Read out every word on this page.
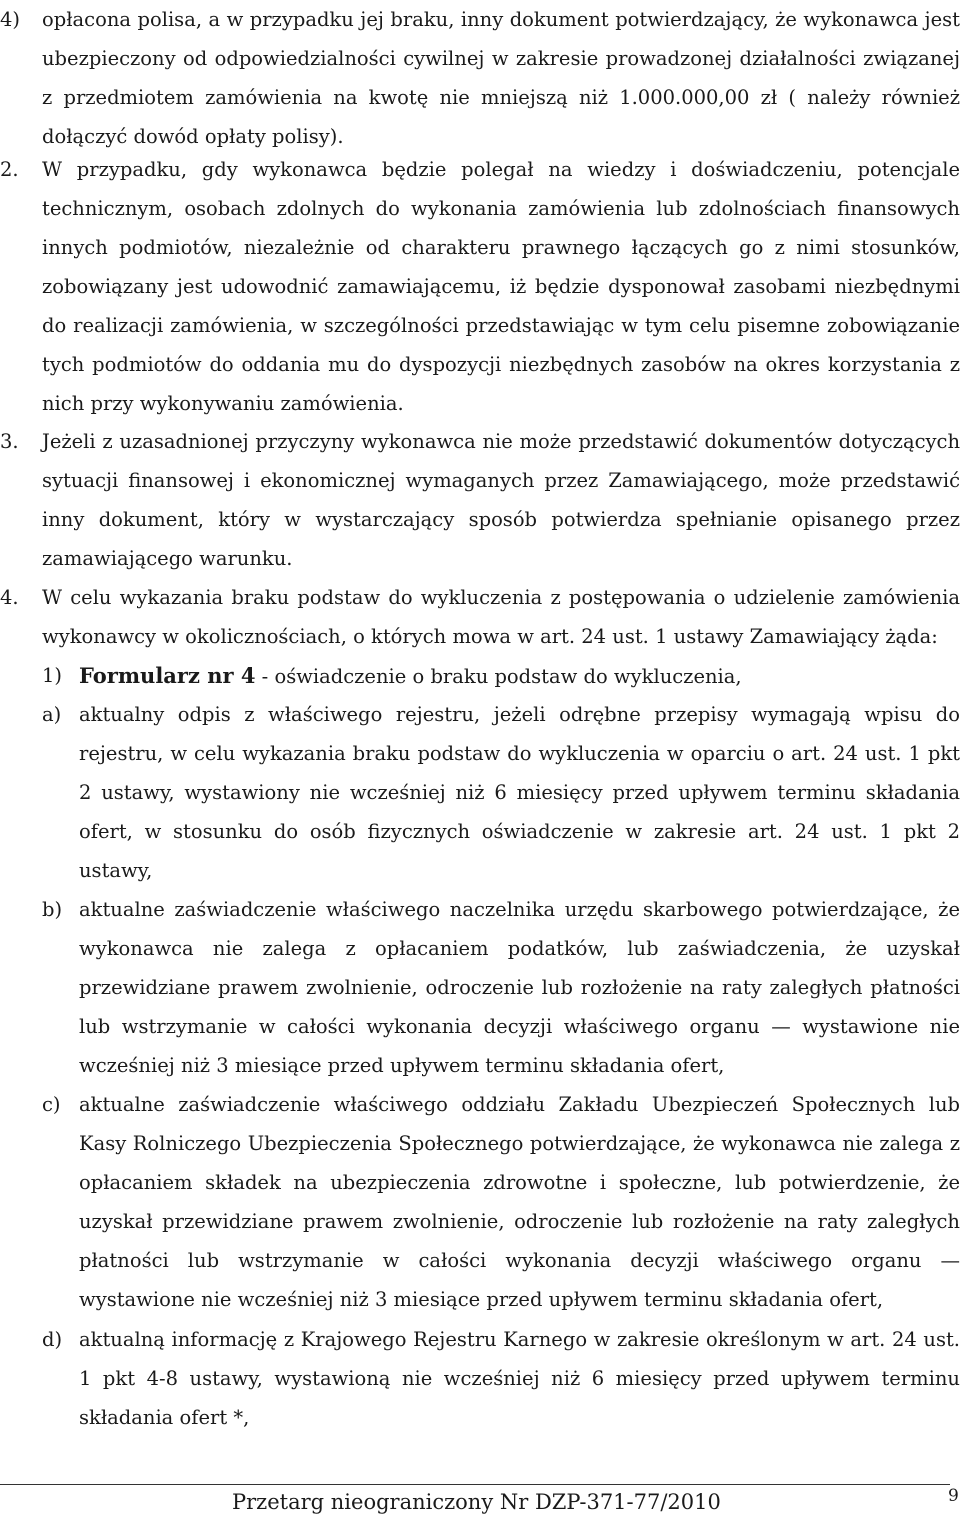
4) opłacona polisa, a w przypadku jej braku, inny dokument potwierdzający, że wykonawca jest ubezpieczony od odpowiedzialności cywilnej w zakresie prowadzonej działalności związanej z przedmiotem zamówienia na kwotę nie mniejszą niż 1.000.000,00 zł ( należy również dołączyć dowód opłaty polisy).

2. W przypadku, gdy wykonawca będzie polegał na wiedzy i doświadczeniu, potencjale technicznym, osobach zdolnych do wykonania zamówienia lub zdolnościach finansowych innych podmiotów, niezależnie od charakteru prawnego łączących go z nimi stosunków, zobowiązany jest udowodnić zamawiającemu, iż będzie dysponował zasobami niezbędnymi do realizacji zamówienia, w szczególności przedstawiając w tym celu pisemne zobowiązanie tych podmiotów do oddania mu do dyspozycji niezbędnych zasobów na okres korzystania z nich przy wykonywaniu zamówienia.

3. Jeżeli z uzasadnionej przyczyny wykonawca nie może przedstawić dokumentów dotyczących sytuacji finansowej i ekonomicznej wymaganych przez Zamawiającego, może przedstawić inny dokument, który w wystarczający sposób potwierdza spełnianie opisanego przez zamawiającego warunku.

4. W celu wykazania braku podstaw do wykluczenia z postępowania o udzielenie zamówienia wykonawcy w okolicznościach, o których mowa w art. 24 ust. 1 ustawy Zamawiający żąda:

1) Formularz nr 4 - oświadczenie o braku podstaw do wykluczenia,
a) aktualny odpis z właściwego rejestru, jeżeli odrębne przepisy wymagają wpisu do rejestru, w celu wykazania braku podstaw do wykluczenia w oparciu o art. 24 ust. 1 pkt 2 ustawy, wystawiony nie wcześniej niż 6 miesięcy przed upływem terminu składania ofert, w stosunku do osób fizycznych oświadczenie w zakresie art. 24 ust. 1 pkt 2 ustawy,

b) aktualne zaświadczenie właściwego naczelnika urzędu skarbowego potwierdzające, że wykonawca nie zalega z opłacaniem podatków, lub zaświadczenia, że uzyskał przewidziane prawem zwolnienie, odroczenie lub rozłożenie na raty zaległych płatności lub wstrzymanie w całości wykonania decyzji właściwego organu — wystawione nie wcześniej niż 3 miesiące przed upływem terminu składania ofert,

c) aktualne zaświadczenie właściwego oddziału Zakładu Ubezpieczeń Społecznych lub Kasy Rolniczego Ubezpieczenia Społecznego potwierdzające, że wykonawca nie zalega z opłacaniem składek na ubezpieczenia zdrowotne i społeczne, lub potwierdzenie, że uzyskał przewidziane prawem zwolnienie, odroczenie lub rozłożenie na raty zaległych płatności lub wstrzymanie w całości wykonania decyzji właściwego organu — wystawione nie wcześniej niż 3 miesiące przed upływem terminu składania ofert,

d) aktualną informację z Krajowego Rejestru Karnego w zakresie określonym w art. 24 ust. 1 pkt 4-8 ustawy, wystawioną nie wcześniej niż 6 miesięcy przed upływem terminu składania ofert *,

Przetarg nieograniczony Nr DZP-371-77/2010	9
